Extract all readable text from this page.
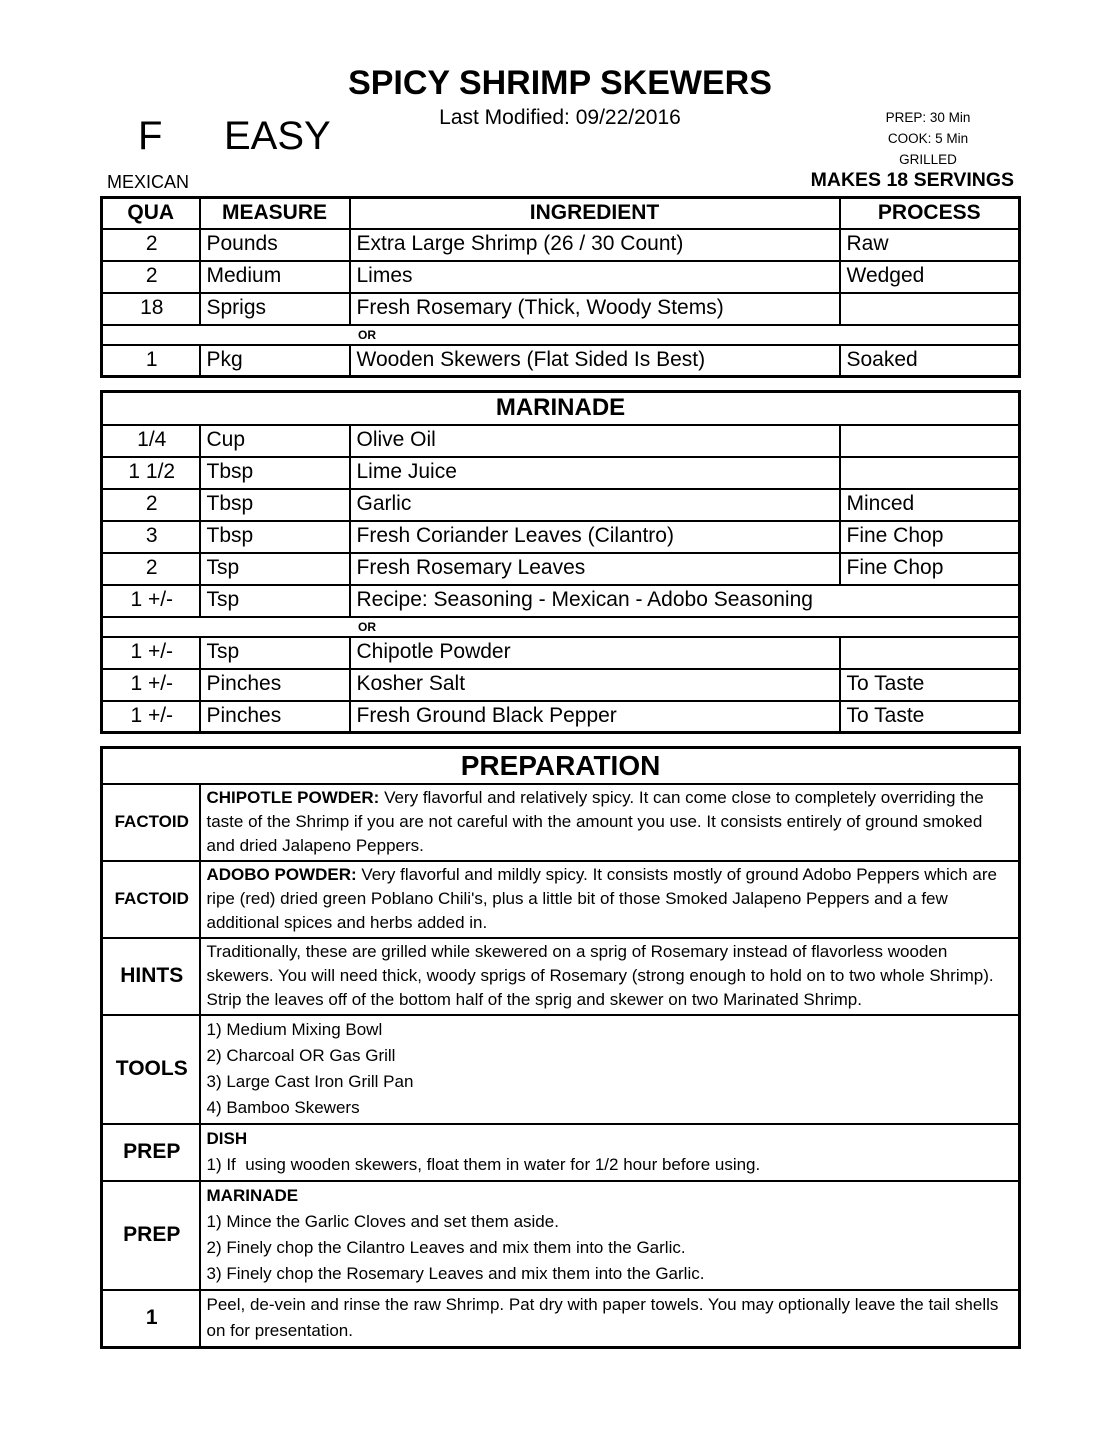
SPICY SHRIMP SKEWERS
Last Modified: 09/22/2016
F EASY	PREP: 30 Min
COOK: 5 Min
GRILLED
MEXICAN	MAKES 18 SERVINGS
QUA	MEASURE	INGREDIENT	PROCESS
2	Pounds	Extra Large Shrimp (26 / 30 Count)	Raw
2	Medium	Limes	Wedged
18	Sprigs	Fresh Rosemary (Thick, Woody Stems)	
OR			
1	Pkg	Wooden Skewers (Flat Sided Is Best)	Soaked
MARINADE			
1/4	Cup	Olive Oil	
1 1/2	Tbsp	Lime Juice	
2	Tbsp	Garlic	Minced
3	Tbsp	Fresh Coriander Leaves (Cilantro)	Fine Chop
2	Tsp	Fresh Rosemary Leaves	Fine Chop
1 +/-	Tsp	Recipe: Seasoning - Mexican - Adobo Seasoning	
OR			
1 +/-	Tsp	Chipotle Powder	
1 +/-	Pinches	Kosher Salt	To Taste
1 +/-	Pinches	Fresh Ground Black Pepper	To Taste
PREPARATION	
FACTOID	CHIPOTLE POWDER: Very flavorful and relatively spicy. It can come close to completely overriding the taste of the Shrimp if you are not careful with the amount you use. It consists entirely of ground smoked and dried Jalapeno Peppers.

FACTOID	ADOBO POWDER: Very flavorful and mildly spicy. It consists mostly of ground Adobo Peppers which are ripe (red) dried green Poblano Chili's, plus a little bit of those Smoked Jalapeno Peppers and a few additional spices and herbs added in.

HINTS	Traditionally, these are grilled while skewered on a sprig of Rosemary instead of flavorless wooden skewers. You will need thick, woody sprigs of Rosemary (strong enough to hold on to two whole Shrimp). Strip the leaves off of the bottom half of the sprig and skewer on two Marinated Shrimp.

TOOLS	1) Medium Mixing Bowl
2) Charcoal OR Gas Grill
3) Large Cast Iron Grill Pan
4) Bamboo Skewers

PREP	DISH
1) If  using wooden skewers, float them in water for 1/2 hour before using.

PREP	MARINADE
1) Mince the Garlic Cloves and set them aside.
2) Finely chop the Cilantro Leaves and mix them into the Garlic.
3) Finely chop the Rosemary Leaves and mix them into the Garlic.

1	Peel, de-vein and rinse the raw Shrimp. Pat dry with paper towels. You may optionally leave the tail shells on for presentation.
